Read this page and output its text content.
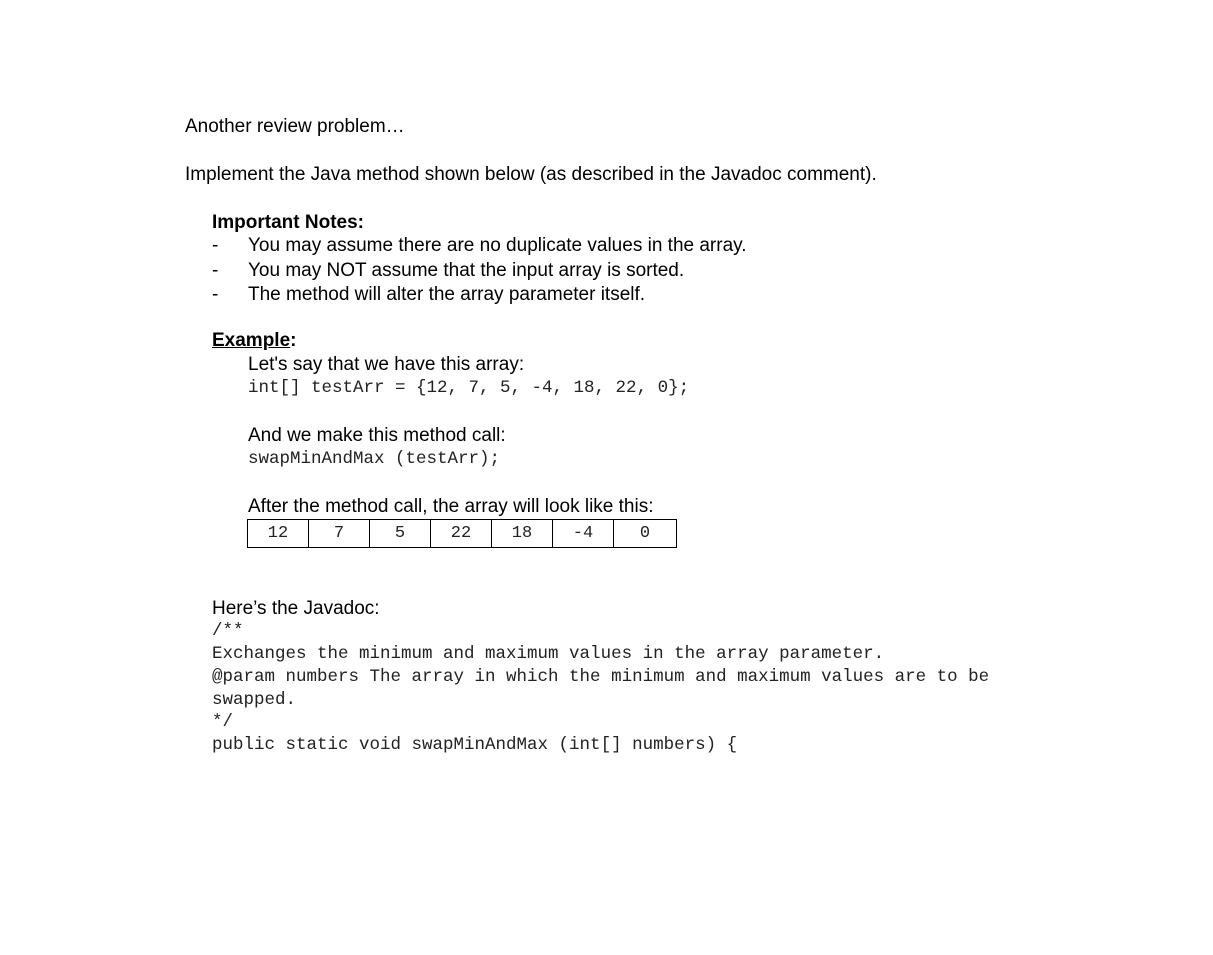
Another review problem…

Implement the Java method shown below (as described in the Javadoc comment).

Important Notes:

- You may assume there are no duplicate values in the array.

- You may NOT assume that the input array is sorted.

- The method will alter the array parameter itself.

Example:

Let's say that we have this array:

int[] testArr = {12, 7, 5, -4, 18, 22, 0};

And we make this method call:

swapMinAndMax (testArr);

After the method call, the array will look like this:

12	7	5	22	18	-4	0

Here’s the Javadoc:

/**

Exchanges the minimum and maximum values in the array parameter.

@param numbers The array in which the minimum and maximum values are to be

swapped.

*/

public static void swapMinAndMax (int[] numbers) {
